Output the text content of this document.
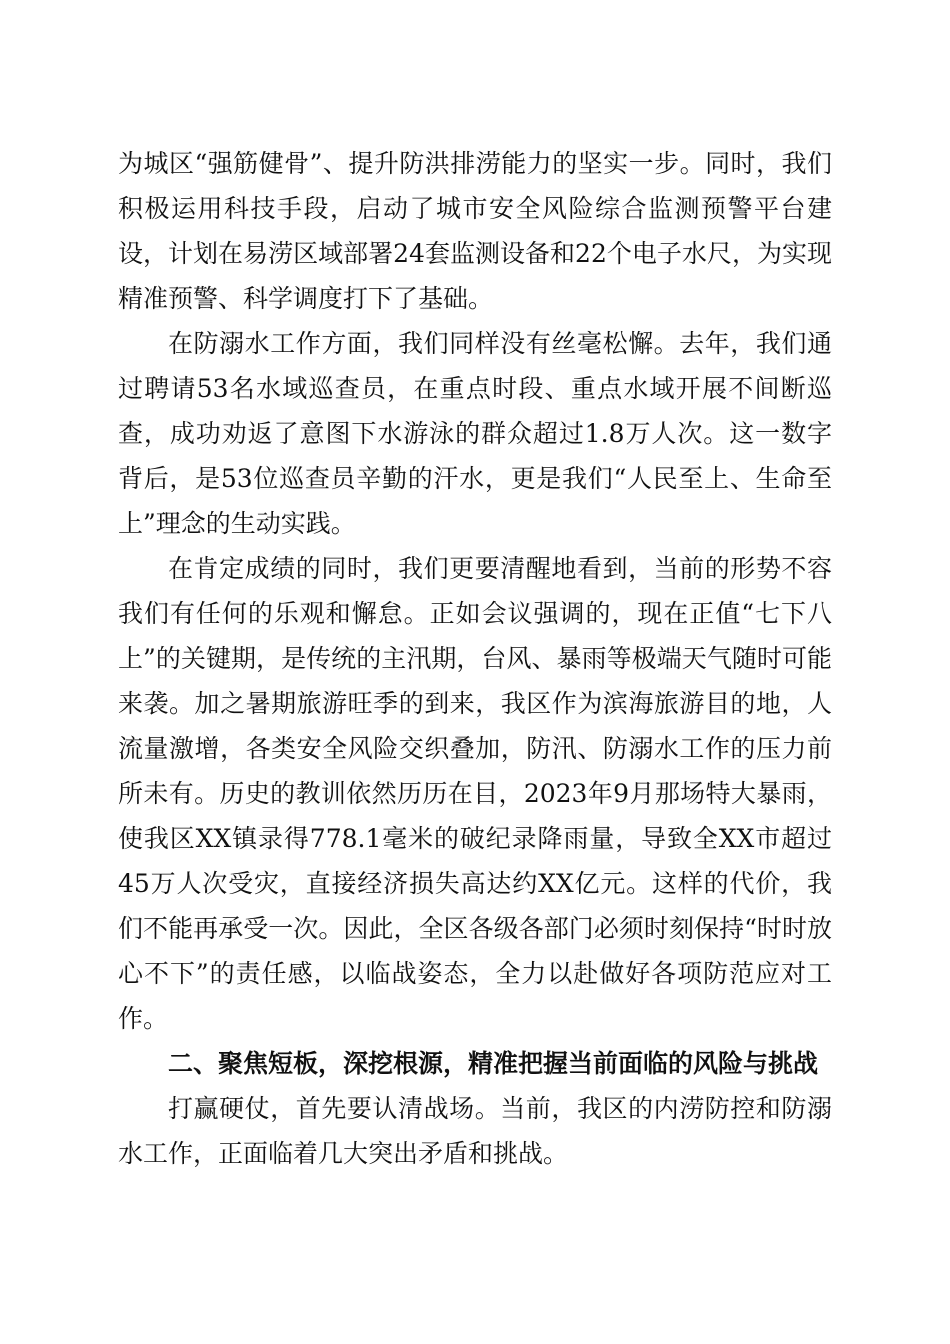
为城区“强筋健骨”、提升防洪排涝能力的坚实一步。同时，我们积极运用科技手段，启动了城市安全风险综合监测预警平台建设，计划在易涝区域部署24套监测设备和22个电子水尺，为实现精准预警、科学调度打下了基础。

在防溺水工作方面，我们同样没有丝毫松懈。去年，我们通过聘请53名水域巡查员，在重点时段、重点水域开展不间断巡查，成功劝返了意图下水游泳的群众超过1.8万人次。这一数字背后，是53位巡查员辛勤的汗水，更是我们“人民至上、生命至上”理念的生动实践。

在肯定成绩的同时，我们更要清醒地看到，当前的形势不容我们有任何的乐观和懈怠。正如会议强调的，现在正值“七下八上”的关键期，是传统的主汛期，台风、暴雨等极端天气随时可能来袭。加之暑期旅游旺季的到来，我区作为滨海旅游目的地，人流量激增，各类安全风险交织叠加，防汛、防溺水工作的压力前所未有。历史的教训依然历历在目，2023年9月那场特大暴雨，使我区XX镇录得778.1毫米的破纪录降雨量，导致全XX市超过45万人次受灾，直接经济损失高达约XX亿元。这样的代价，我们不能再承受一次。因此，全区各级各部门必须时刻保持“时时放心不下”的责任感，以临战姿态，全力以赴做好各项防范应对工作。

二、聚焦短板，深挖根源，精准把握当前面临的风险与挑战

打赢硬仗，首先要认清战场。当前，我区的内涝防控和防溺水工作，正面临着几大突出矛盾和挑战。
